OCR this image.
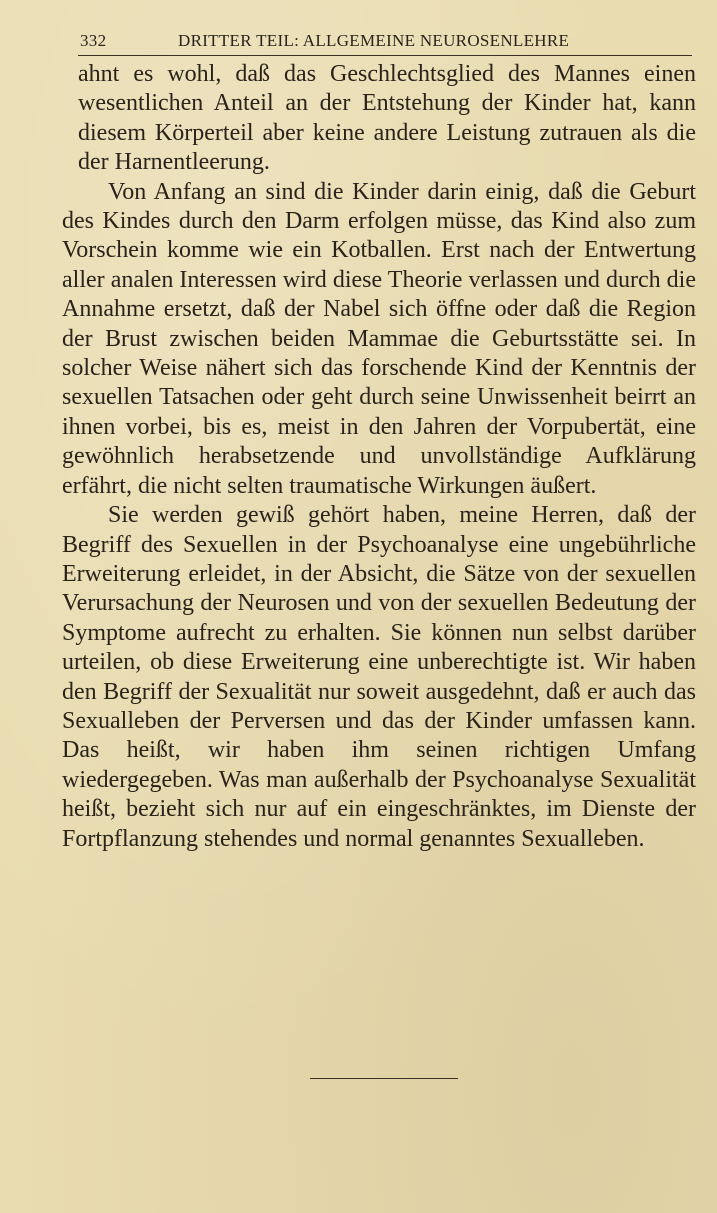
332	DRITTER TEIL: ALLGEMEINE NEUROSENLEHRE

ahnt es wohl, daß das Geschlechtsglied des Mannes einen wesentlichen Anteil an der Entstehung der Kinder hat, kann diesem Körperteil aber keine andere Leistung zutrauen als die der Harnentleerung.

Von Anfang an sind die Kinder darin einig, daß die Geburt des Kindes durch den Darm erfolgen müsse, das Kind also zum Vorschein komme wie ein Kotballen. Erst nach der Entwertung aller analen Interessen wird diese Theorie verlassen und durch die Annahme ersetzt, daß der Nabel sich öffne oder daß die Region der Brust zwischen beiden Mammae die Geburtsstätte sei. In solcher Weise nähert sich das forschende Kind der Kenntnis der sexuellen Tatsachen oder geht durch seine Unwissenheit beirrt an ihnen vorbei, bis es, meist in den Jahren der Vorpubertät, eine gewöhnlich herabsetzende und unvollständige Aufklärung erfährt, die nicht selten traumatische Wirkungen äußert.

Sie werden gewiß gehört haben, meine Herren, daß der Begriff des Sexuellen in der Psychoanalyse eine ungebührliche Erweiterung erleidet, in der Absicht, die Sätze von der sexuellen Verursachung der Neurosen und von der sexuellen Bedeutung der Symptome aufrecht zu erhalten. Sie können nun selbst darüber urteilen, ob diese Erweiterung eine unberechtigte ist. Wir haben den Begriff der Sexualität nur soweit ausgedehnt, daß er auch das Sexualleben der Perversen und das der Kinder umfassen kann. Das heißt, wir haben ihm seinen richtigen Umfang wiedergegeben. Was man außerhalb der Psychoanalyse Sexualität heißt, bezieht sich nur auf ein eingeschränktes, im Dienste der Fortpflanzung stehendes und normal genanntes Sexualleben.
